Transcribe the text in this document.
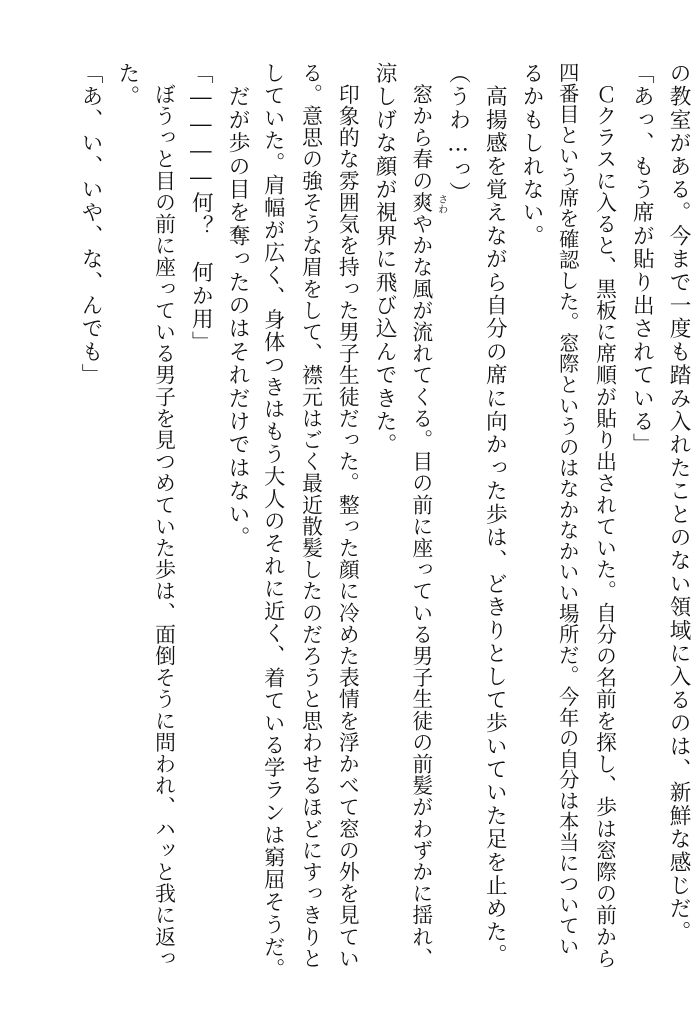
の教室がある。今まで一度も踏み入れたことのない領域に入るのは、新鮮な感じだ。
「あっ、もう席が貼り出されている」
　Ｃクラスに入ると、黒板に席順が貼り出されていた。自分の名前を探し、歩は窓際の前から
四番目という席を確認した。窓際というのはなかなかいい場所だ。今年の自分は本当についてい
るかもしれない。
　高揚感を覚えながら自分の席に向かった歩は、どきりとして歩いていた足を止めた。
（うわ…っ）
　窓から春の爽やかな風が流れてくる。目の前に座っている男子生徒の前髪がわずかに揺れ、
涼しげな顔が視界に飛び込んできた。
　印象的な雰囲気を持った男子生徒だった。整った顔に冷めた表情を浮かべて窓の外を見てい
る。意思の強そうな眉をして、襟元はごく最近散髪したのだろうと思わせるほどにすっきりと
していた。肩幅が広く、身体つきはもう大人のそれに近く、着ている学ランは窮屈そうだ。
　だが歩の目を奪ったのはそれだけではない。
「――――何？　何か用」
　ぼうっと目の前に座っている男子を見つめていた歩は、面倒そうに問われ、ハッと我に返っ
た。
「あ、い、いや、な、んでも」	さわ
